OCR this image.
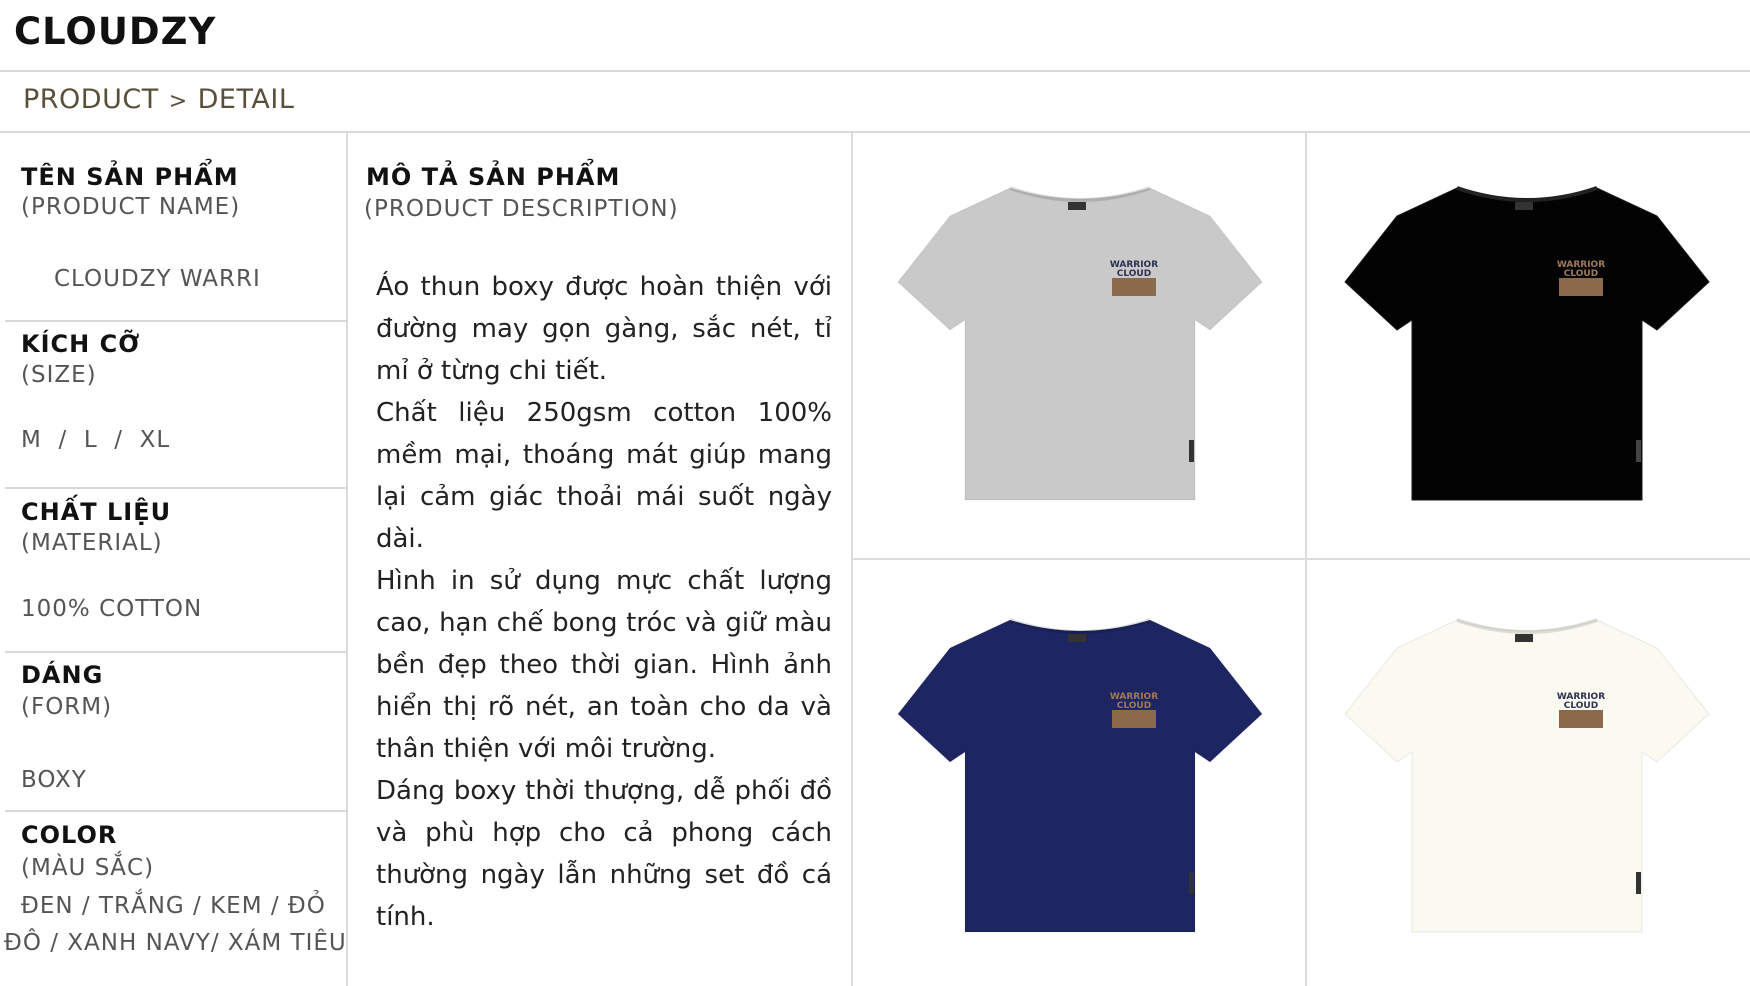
CLOUDZY
PRODUCT > DETAIL
TÊN SẢN PHẨM
(PRODUCT NAME)
CLOUDZY WARRI
KÍCH CỠ
(SIZE)
M  /  L  /  XL
CHẤT LIỆU
(MATERIAL)
100% COTTON
DÁNG
(FORM)
BOXY
COLOR
(MÀU SẮC)
ĐEN / TRẮNG / KEM / ĐỎ
ĐÔ / XANH NAVY/ XÁM TIÊU
MÔ TẢ SẢN PHẨM
(PRODUCT DESCRIPTION)

Áo thun boxy được hoàn thiện với đường may gọn gàng, sắc nét, tỉ mỉ ở từng chi tiết.

Chất liệu 250gsm cotton 100% mềm mại, thoáng mát giúp mang lại cảm giác thoải mái suốt ngày dài.

Hình in sử dụng mực chất lượng cao, hạn chế bong tróc và giữ màu bền đẹp theo thời gian. Hình ảnh hiển thị rõ nét, an toàn cho da và thân thiện với môi trường.

Dáng boxy thời thượng, dễ phối đồ và phù hợp cho cả phong cách thường ngày lẫn những set đồ cá tính.

WARRIOR
CLOUD
WARRIOR
CLOUD
WARRIOR
CLOUD
WARRIOR
CLOUD
